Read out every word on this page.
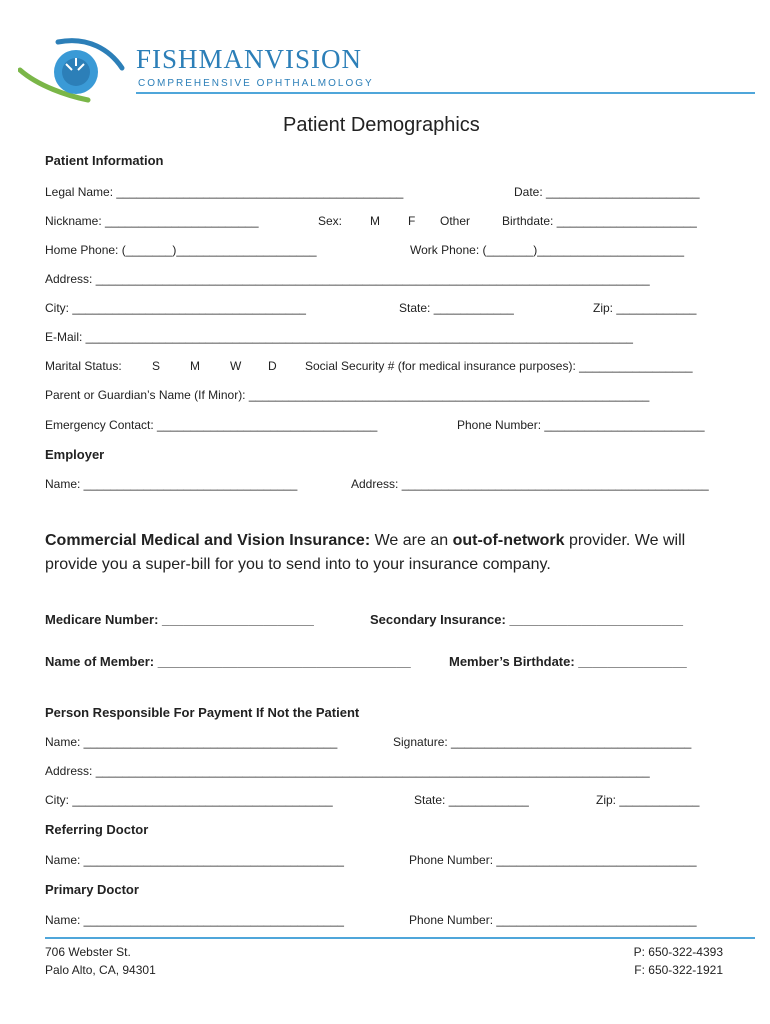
FISHMANVISION
COMPREHENSIVE OPHTHALMOLOGY
Patient Demographics
Patient Information
Legal Name: ___________________________________________	Date: _______________________
Nickname: _______________________	Sex: M F Other	Birthdate: _____________________
Home Phone: (_______)_____________________	Work Phone: (_______)______________________
Address: ___________________________________________________________________________________
City: ___________________________________	State: ____________	Zip: ____________
E-Mail: __________________________________________________________________________________
Marital Status:	S M	W D Social Security # (for medical insurance purposes): _________________
Parent or Guardian’s Name (If Minor): ____________________________________________________________
Emergency Contact: _________________________________	Phone Number: ________________________
Employer
Name: ________________________________	Address: ______________________________________________
Commercial Medical and Vision Insurance: We are an out-of-network provider. We will
provide you a super-bill for you to send into to your insurance company.
Medicare Number: _____________________	Secondary Insurance: ________________________
Name of Member: ___________________________________	Member’s Birthdate: _______________
Person Responsible For Payment If Not the Patient
Name: ______________________________________	Signature: ____________________________________
Address: ___________________________________________________________________________________
City: _______________________________________	State: ____________	Zip: ____________
Referring Doctor
Name: _______________________________________	Phone Number: ______________________________
Primary Doctor
Name: _______________________________________	Phone Number: ______________________________
706 Webster St.
Palo Alto, CA, 94301
P: 650-322-4393
F: 650-322-1921
